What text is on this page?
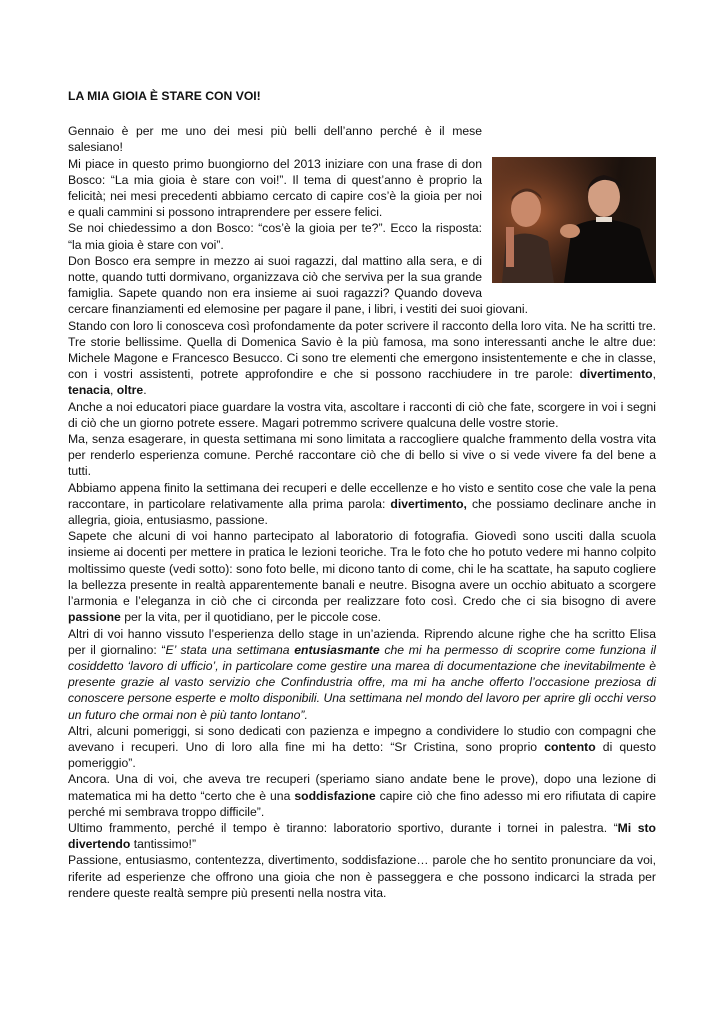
LA MIA GIOIA È STARE CON VOI!

Gennaio è per me uno dei mesi più belli dell’anno perché è il mese salesiano!

Mi piace in questo primo buongiorno del 2013 iniziare con una frase di don Bosco: “La mia gioia è stare con voi!”. Il tema di quest’anno è proprio la felicità; nei mesi precedenti abbiamo cercato di capire cos’è la gioia per noi e quali cammini si possono intraprendere per essere felici.

Se noi chiedessimo a don Bosco: “cos’è la gioia per te?”. Ecco la risposta: “la mia gioia è stare con voi”.

Don Bosco era sempre in mezzo ai suoi ragazzi, dal mattino alla sera, e di notte, quando tutti dormivano, organizzava ciò che serviva per la sua grande famiglia. Sapete quando non era insieme ai suoi ragazzi? Quando doveva cercare finanziamenti ed elemosine per pagare il pane, i libri, i vestiti dei suoi giovani.

Stando con loro li conosceva così profondamente da poter scrivere il racconto della loro vita. Ne ha scritti tre. Tre storie bellissime. Quella di Domenica Savio è la più famosa, ma sono interessanti anche le altre due: Michele Magone e Francesco Besucco. Ci sono tre elementi che emergono insistentemente e che in classe, con i vostri assistenti, potrete approfondire e che si possono racchiudere in tre parole: divertimento, tenacia, oltre.

Anche a noi educatori piace guardare la vostra vita, ascoltare i racconti di ciò che fate, scorgere in voi i segni di ciò che un giorno potrete essere. Magari potremmo scrivere qualcuna delle vostre storie.

Ma, senza esagerare, in questa settimana mi sono limitata a raccogliere qualche frammento della vostra vita per renderlo esperienza comune. Perché raccontare ciò che di bello si vive o si vede vivere fa del bene a tutti.

Abbiamo appena finito la settimana dei recuperi e delle eccellenze e ho visto e sentito cose che vale la pena raccontare, in particolare relativamente alla prima parola: divertimento, che possiamo declinare anche in allegria, gioia, entusiasmo, passione.

Sapete che alcuni di voi hanno partecipato al laboratorio di fotografia. Giovedì sono usciti dalla scuola insieme ai docenti per mettere in pratica le lezioni teoriche. Tra le foto che ho potuto vedere mi hanno colpito moltissimo queste (vedi sotto): sono foto belle, mi dicono tanto di come, chi le ha scattate, ha saputo cogliere la bellezza presente in realtà apparentemente banali e neutre. Bisogna avere un occhio abituato a scorgere l’armonia e l’eleganza in ciò che ci circonda per realizzare foto così. Credo che ci sia bisogno di avere passione per la vita, per il quotidiano, per le piccole cose.

Altri di voi hanno vissuto l’esperienza dello stage in un’azienda. Riprendo alcune righe che ha scritto Elisa per il giornalino: “E’ stata una settimana entusiasmante che mi ha permesso di scoprire come funziona il cosiddetto ‘lavoro di ufficio’, in particolare come gestire una marea di documentazione che inevitabilmente è presente grazie al vasto servizio che Confindustria offre, ma mi ha anche offerto l’occasione preziosa di conoscere persone esperte e molto disponibili. Una settimana nel mondo del lavoro per aprire gli occhi verso un futuro che ormai non è più tanto lontano”.

Altri, alcuni pomeriggi, si sono dedicati con pazienza e impegno a condividere lo studio con compagni che avevano i recuperi. Uno di loro alla fine mi ha detto: “Sr Cristina, sono proprio contento di questo pomeriggio”.

Ancora. Una di voi, che aveva tre recuperi (speriamo siano andate bene le prove), dopo una lezione di matematica mi ha detto “certo che è una soddisfazione capire ciò che fino adesso mi ero rifiutata di capire perché mi sembrava troppo difficile”.

Ultimo frammento, perché il tempo è tiranno: laboratorio sportivo, durante i tornei in palestra. “Mi sto divertendo tantissimo!”

Passione, entusiasmo, contentezza, divertimento, soddisfazione… parole che ho sentito pronunciare da voi, riferite ad esperienze che offrono una gioia che non è passeggera e che possono indicarci la strada per rendere queste realtà sempre più presenti nella nostra vita.
